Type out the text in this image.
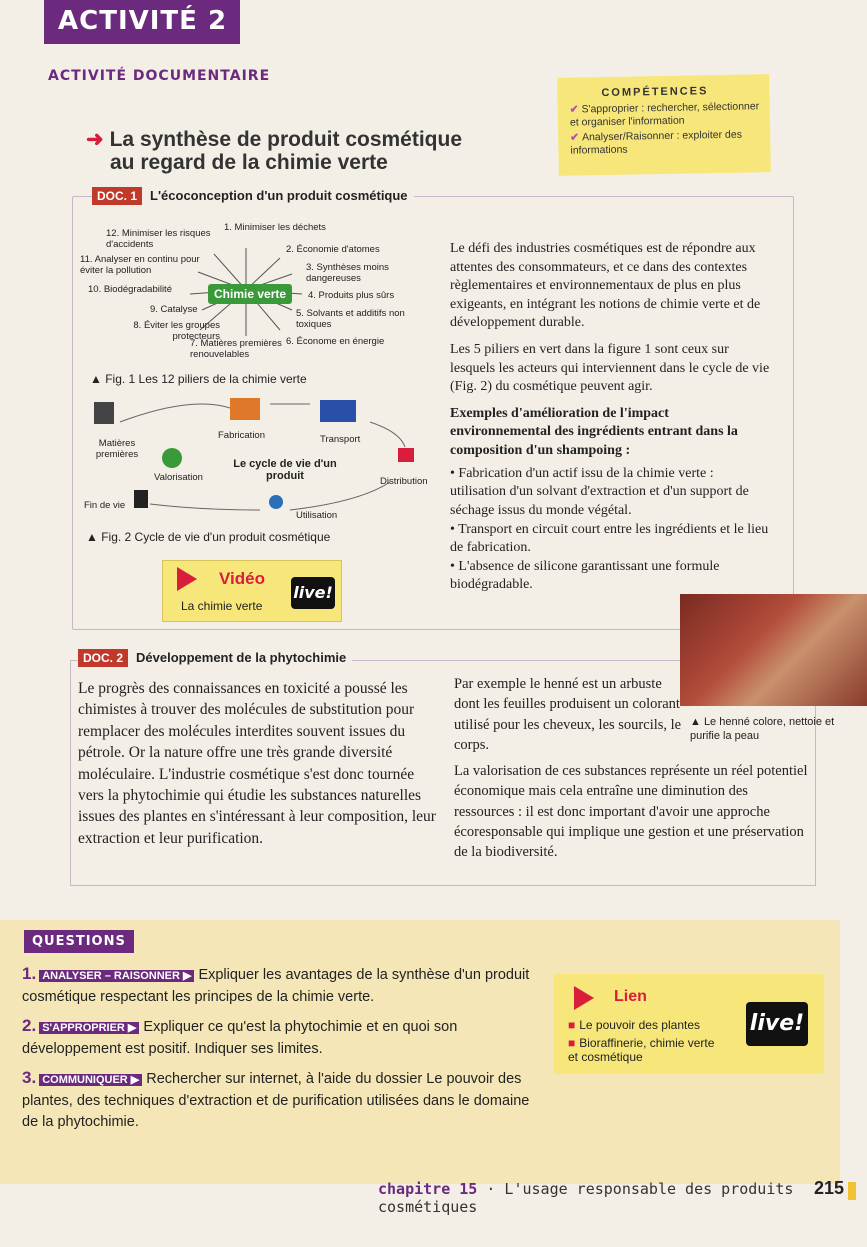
ACTIVITÉ 2
ACTIVITÉ DOCUMENTAIRE
COMPÉTENCES
✔ S'approprier : rechercher, sélectionner et organiser l'information
✔ Analyser/Raisonner : exploiter des informations
➜ La synthèse de produit cosmétique
au regard de la chimie verte
DOC. 1 L'écoconception d'un produit cosmétique
1. Minimiser les déchets
2. Économie d'atomes
3. Synthèses moins dangereuses
4. Produits plus sûrs
5. Solvants et additifs non toxiques
6. Économe en énergie
7. Matières premières renouvelables
8. Éviter les groupes protecteurs
9. Catalyse
10. Biodégradabilité
11. Analyser en continu pour éviter la pollution
12. Minimiser les risques d'accidents
Chimie verte
▲ Fig. 1 Les 12 piliers de la chimie verte
Matières premières
Fabrication	Transport
Distribution
Utilisation
Fin de vie
Valorisation
Le cycle de vie d'un produit
▲ Fig. 2 Cycle de vie d'un produit cosmétique
Vidéo
La chimie verte
live!

Le défi des industries cosmétiques est de répondre aux attentes des consommateurs, et ce dans des contextes règlementaires et environnementaux de plus en plus exigeants, en intégrant les notions de chimie verte et de développement durable.

Les 5 piliers en vert dans la figure 1 sont ceux sur lesquels les acteurs qui interviennent dans le cycle de vie (Fig. 2) du cosmétique peuvent agir.

Exemples d'amélioration de l'impact environnemental des ingrédients entrant dans la composition d'un shampoing :

• Fabrication d'un actif issu de la chimie verte : utilisation d'un solvant d'extraction et d'un support de séchage issus du monde végétal.

• Transport en circuit court entre les ingrédients et le lieu de fabrication.

• L'absence de silicone garantissant une formule biodégradable.

DOC. 2 Développement de la phytochimie
Le progrès des connaissances en toxicité a poussé les chimistes à trouver des molécules de substitution pour remplacer des molécules interdites souvent issues du pétrole. Or la nature offre une très grande diversité moléculaire. L'industrie cosmétique s'est donc tournée vers la phytochimie qui étudie les substances naturelles issues des plantes en s'intéressant à leur composition, leur extraction et leur purification.
Par exemple le henné est un arbuste dont les feuilles produisent un colorant utilisé pour les cheveux, les sourcils, le corps.
La valorisation de ces substances représente un réel potentiel économique mais cela entraîne une diminution des ressources : il est donc important d'avoir une approche écoresponsable qui implique une gestion et une préservation de la biodiversité.
▲ Le henné colore, nettoie et purifie la peau
QUESTIONS
1. ANALYSER – RAISONNER ▶ Expliquer les avantages de la synthèse d'un produit cosmétique respectant les principes de la chimie verte.
2. S'APPROPRIER ▶ Expliquer ce qu'est la phytochimie et en quoi son développement est positif. Indiquer ses limites.
3. COMMUNIQUER ▶ Rechercher sur internet, à l'aide du dossier Le pouvoir des plantes, des techniques d'extraction et de purification utilisées dans le domaine de la phytochimie.
Lien
■ Le pouvoir des plantes
■ Bioraffinerie, chimie verte et cosmétique
live!
chapitre 15 · L'usage responsable des produits cosmétiques
215
